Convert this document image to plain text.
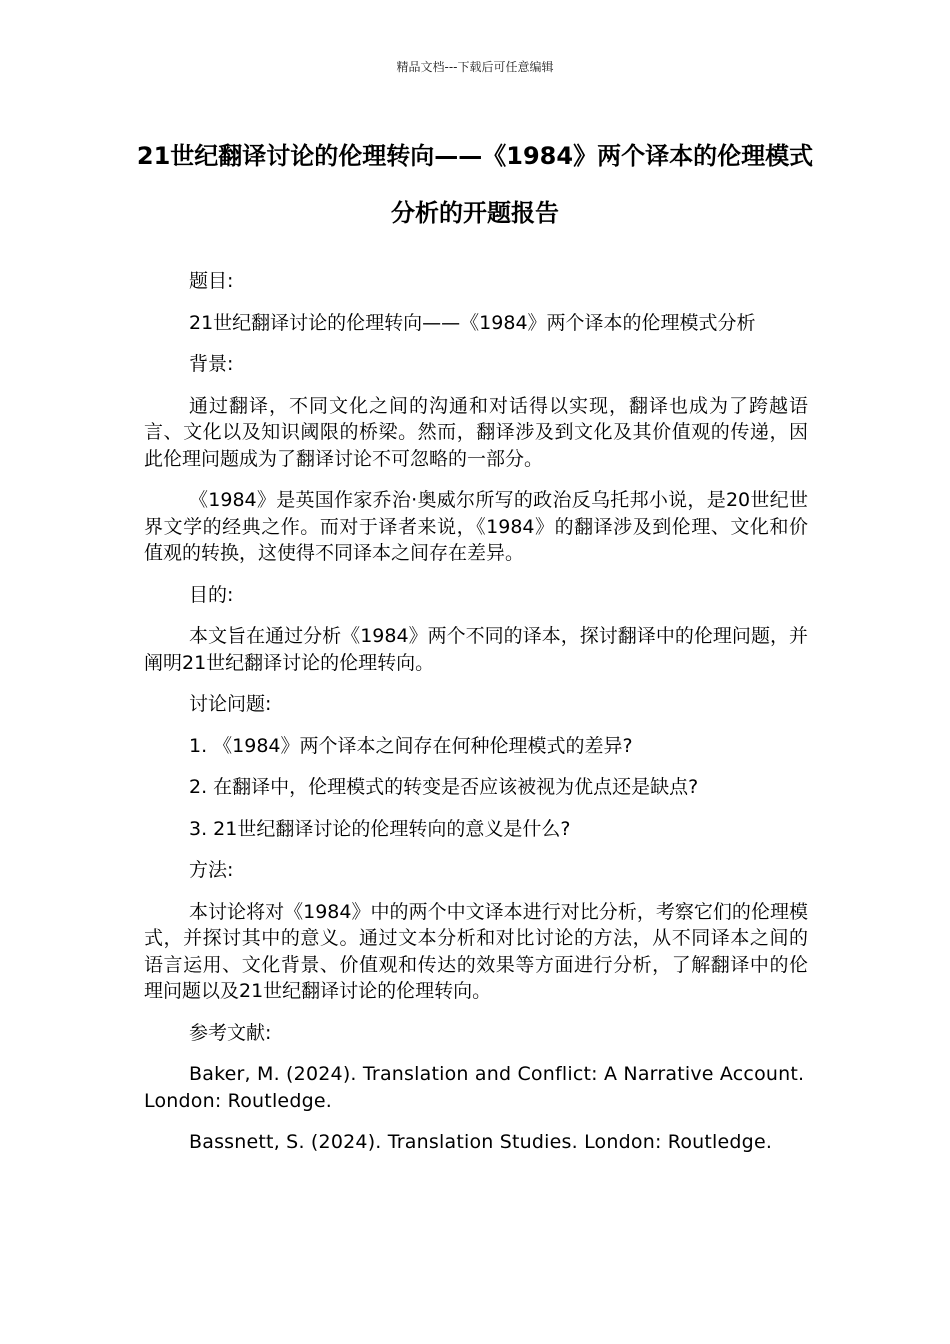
精品文档---下载后可任意编辑
21世纪翻译讨论的伦理转向——《1984》两个译本的伦理模式分析的开题报告

题目:

21世纪翻译讨论的伦理转向——《1984》两个译本的伦理模式分析

背景:

通过翻译，不同文化之间的沟通和对话得以实现，翻译也成为了跨越语言、文化以及知识阈限的桥梁。然而，翻译涉及到文化及其价值观的传递，因此伦理问题成为了翻译讨论不可忽略的一部分。

《1984》是英国作家乔治·奥威尔所写的政治反乌托邦小说，是20世纪世界文学的经典之作。而对于译者来说，《1984》的翻译涉及到伦理、文化和价值观的转换，这使得不同译本之间存在差异。

目的:

本文旨在通过分析《1984》两个不同的译本，探讨翻译中的伦理问题，并阐明21世纪翻译讨论的伦理转向。

讨论问题:

1. 《1984》两个译本之间存在何种伦理模式的差异?

2. 在翻译中，伦理模式的转变是否应该被视为优点还是缺点?

3. 21世纪翻译讨论的伦理转向的意义是什么?

方法:

本讨论将对《1984》中的两个中文译本进行对比分析，考察它们的伦理模式，并探讨其中的意义。通过文本分析和对比讨论的方法，从不同译本之间的语言运用、文化背景、价值观和传达的效果等方面进行分析，了解翻译中的伦理问题以及21世纪翻译讨论的伦理转向。

参考文献:

Baker, M. (2024). Translation and Conflict: A Narrative Account. London: Routledge.

Bassnett, S. (2024). Translation Studies. London: Routledge.
